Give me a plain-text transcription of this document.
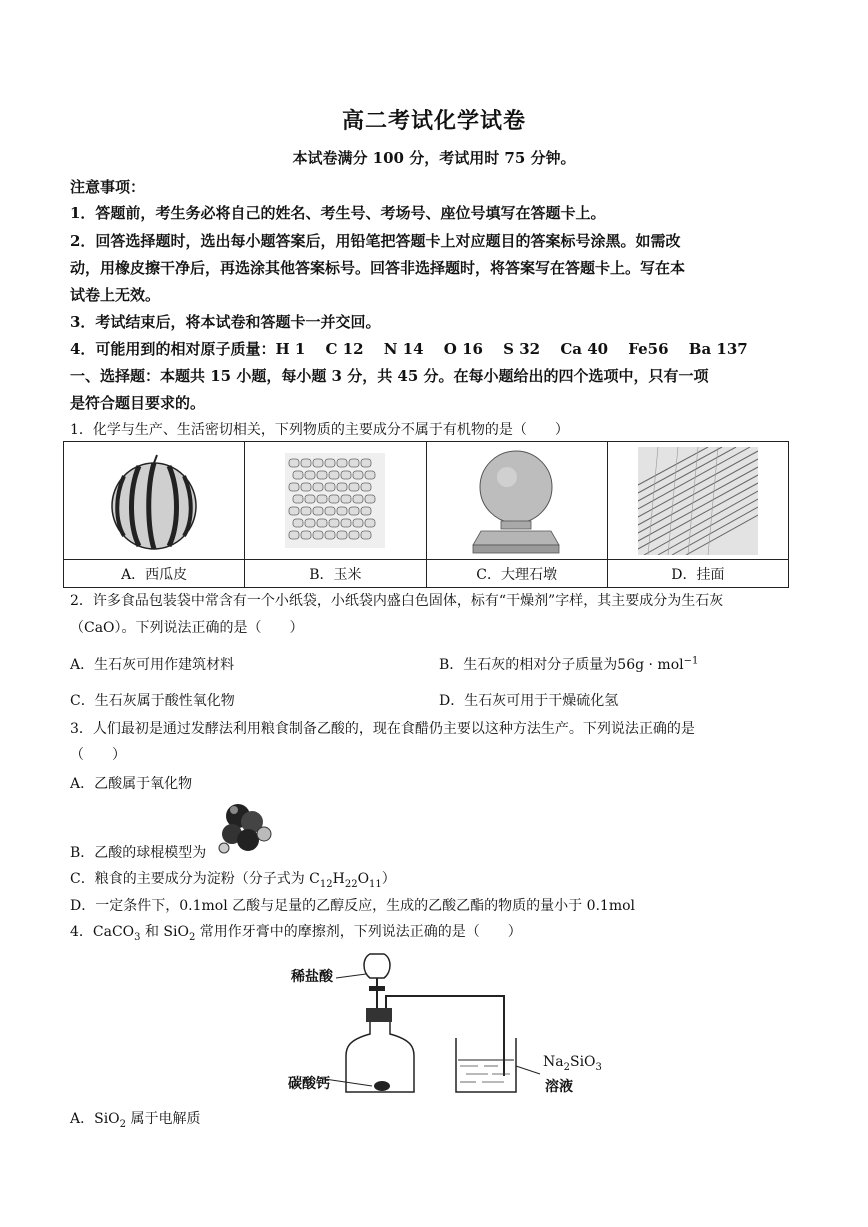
高二考试化学试卷
本试卷满分 100 分，考试用时 75 分钟。
注意事项：
1．答题前，考生务必将自己的姓名、考生号、考场号、座位号填写在答题卡上。
2．回答选择题时，选出每小题答案后，用铅笔把答题卡上对应题目的答案标号涂黑。如需改
动，用橡皮擦干净后，再选涂其他答案标号。回答非选择题时，将答案写在答题卡上。写在本
试卷上无效。
3．考试结束后，将本试卷和答题卡一并交回。
4．可能用到的相对原子质量：H 1　 C 12　 N 14　 O 16　 S 32　 Ca 40　 Fe56　 Ba 137
一、选择题：本题共 15 小题，每小题 3 分，共 45 分。在每小题给出的四个选项中，只有一项
是符合题目要求的。
1．化学与生产、生活密切相关，下列物质的主要成分不属于有机物的是（　　）

A．西瓜皮	B．玉米	C．大理石墩	D．挂面
2．许多食品包装袋中常含有一个小纸袋，小纸袋内盛白色固体，标有“干燥剂”字样，其主要成分为生石灰
（CaO）。下列说法正确的是（　　）
A．生石灰可用作建筑材料	B．生石灰的相对分子质量为56g · mol$^{-1}$
C．生石灰属于酸性氧化物	D．生石灰可用于干燥硫化氢
3．人们最初是通过发酵法利用粮食制备乙酸的，现在食醋仍主要以这种方法生产。下列说法正确的是
（　　）
A．乙酸属于氧化物
B．乙酸的球棍模型为
C．粮食的主要成分为淀粉（分子式为 $C_{12}H_{22}O_{11}$）
D．一定条件下，0.1mol 乙酸与足量的乙醇反应，生成的乙酸乙酯的物质的量小于 0.1mol
4．CaCO$_3$ 和 SiO$_2$ 常用作牙膏中的摩擦剂，下列说法正确的是（　　）
稀盐酸
碳酸钙
$Na_2SiO_3$
溶液
A．SiO$_2$ 属于电解质
